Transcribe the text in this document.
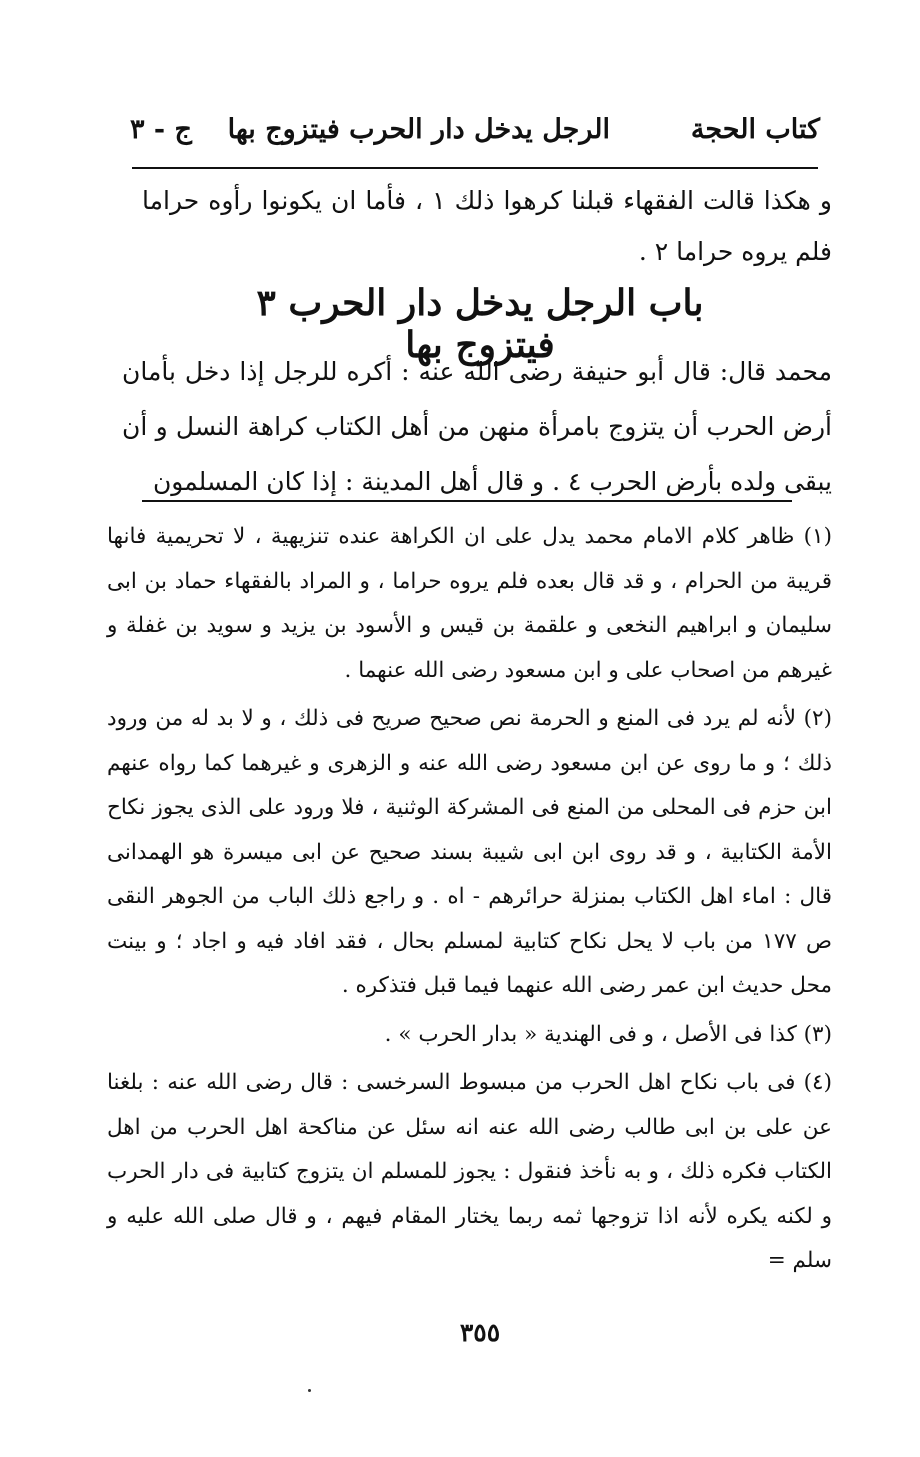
كتاب الحجة
الرجل يدخل دار الحرب فيتزوج بها
ج - ٣

و هكذا قالت الفقهاء قبلنا كرهوا ذلك ١ ، فأما ان يكونوا رأوه حراما فلم يروه حراما ٢ .

باب الرجل يدخل دار الحرب ٣ فيتزوج بها

محمد قال: قال أبو حنيفة رضى الله عنه : أكره للرجل إذا دخل بأمان أرض الحرب أن يتزوج بامرأة منهن من أهل الكتاب كراهة النسل و أن يبقى ولده بأرض الحرب ٤ . و قال أهل المدينة : إذا كان المسلمون

(١) ظاهر كلام الامام محمد يدل على ان الكراهة عنده تنزيهية ، لا تحريمية فانها قريبة من الحرام ، و قد قال بعده فلم يروه حراما ، و المراد بالفقهاء حماد بن ابى سليمان و ابراهيم النخعى و علقمة بن قيس و الأسود بن يزيد و سويد بن غفلة و غيرهم من اصحاب على و ابن مسعود رضى الله عنهما .

(٢) لأنه لم يرد فى المنع و الحرمة نص صحيح صريح فى ذلك ، و لا بد له من ورود ذلك ؛ و ما روى عن ابن مسعود رضى الله عنه و الزهرى و غيرهما كما رواه عنهم ابن حزم فى المحلى من المنع فى المشركة الوثنية ، فلا ورود على الذى يجوز نكاح الأمة الكتابية ، و قد روى ابن ابى شيبة بسند صحيح عن ابى ميسرة هو الهمدانى قال : اماء اهل الكتاب بمنزلة حرائرهم - اه . و راجع ذلك الباب من الجوهر النقى ص ١٧٧ من باب لا يحل نكاح كتابية لمسلم بحال ، فقد افاد فيه و اجاد ؛ و بينت محل حديث ابن عمر رضى الله عنهما فيما قبل فتذكره .

(٣) كذا فى الأصل ، و فى الهندية « بدار الحرب » .

(٤) فى باب نكاح اهل الحرب من مبسوط السرخسى : قال رضى الله عنه : بلغنا عن على بن ابى طالب رضى الله عنه انه سئل عن مناكحة اهل الحرب من اهل الكتاب فكره ذلك ، و به نأخذ فنقول : يجوز للمسلم ان يتزوج كتابية فى دار الحرب و لكنه يكره لأنه اذا تزوجها ثمه ربما يختار المقام فيهم ، و قال صلى الله عليه و سلم =

٣٥٥
